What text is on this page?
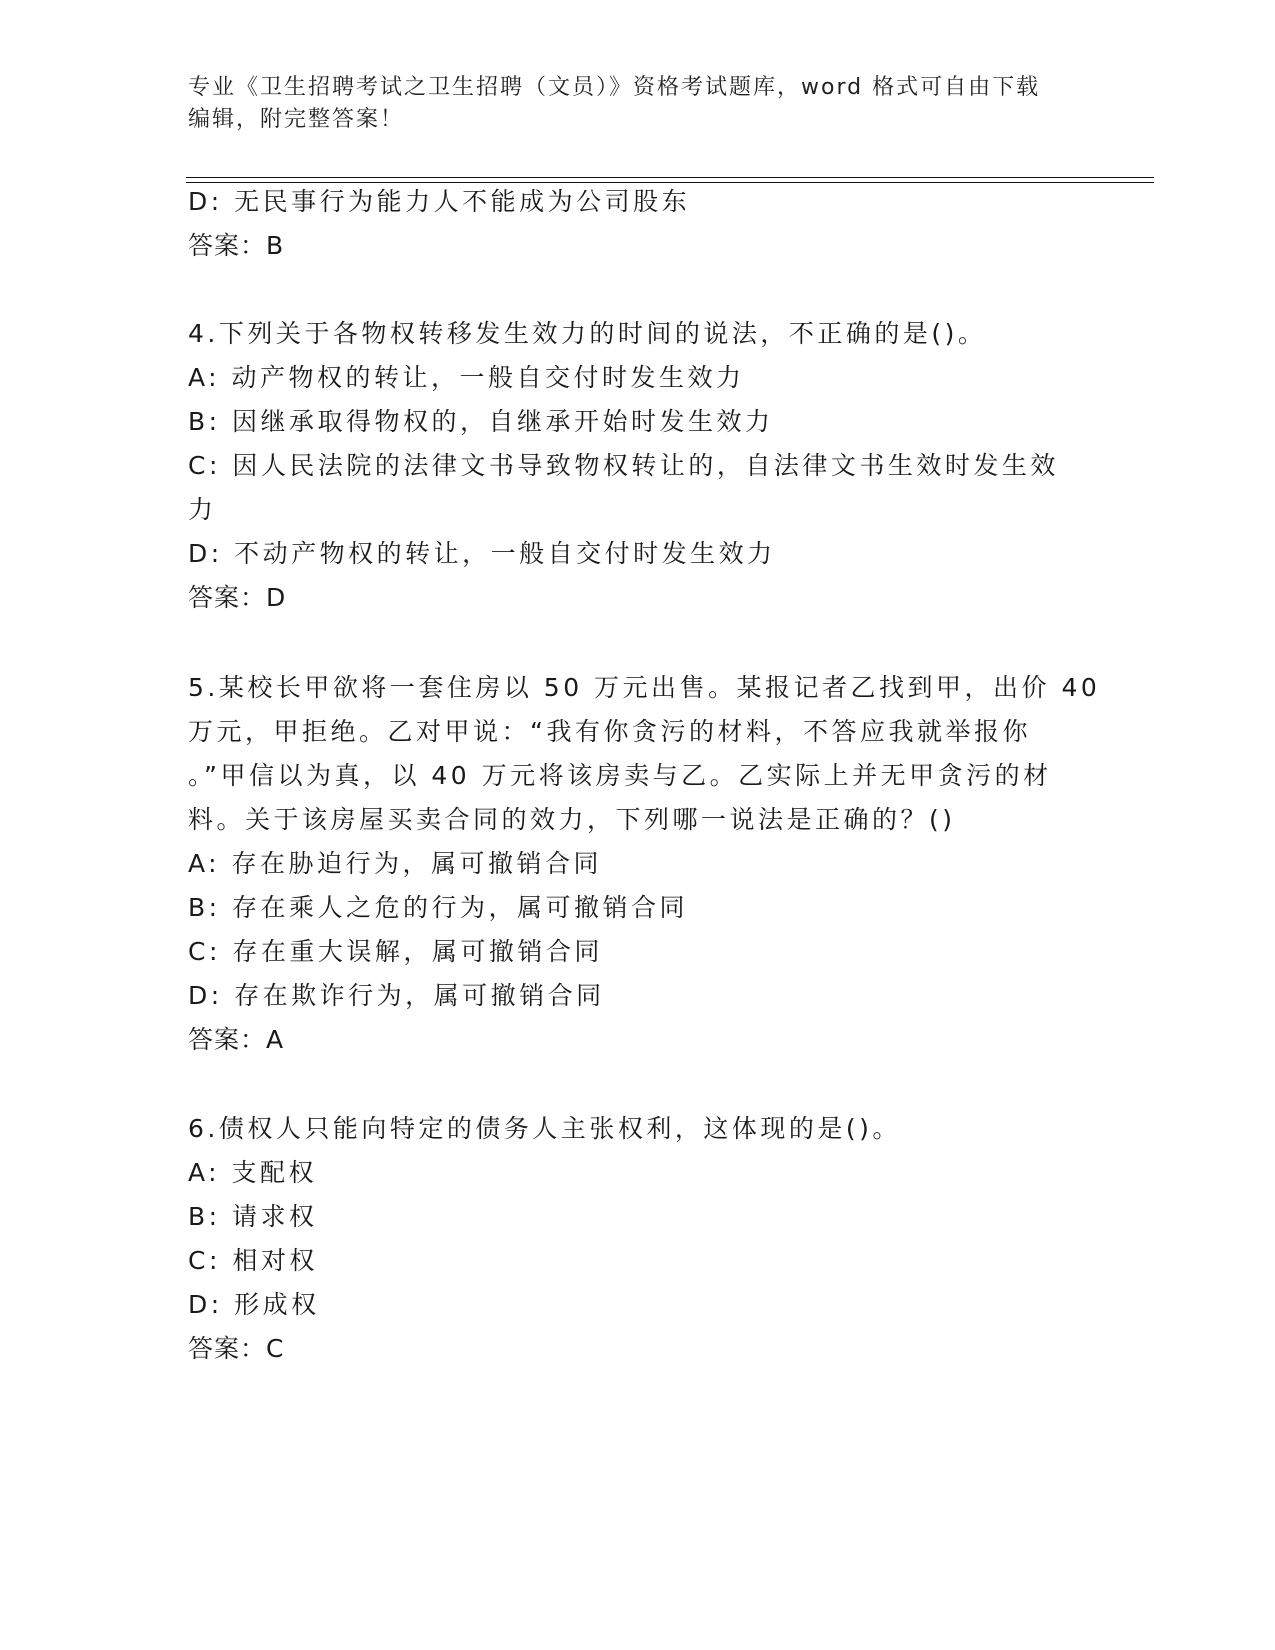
专业《卫生招聘考试之卫生招聘（文员）》资格考试题库，word 格式可自由下载
编辑，附完整答案！
D: 无民事行为能力人不能成为公司股东
答案：B
4.下列关于各物权转移发生效力的时间的说法，不正确的是()。
A: 动产物权的转让，一般自交付时发生效力
B: 因继承取得物权的，自继承开始时发生效力
C: 因人民法院的法律文书导致物权转让的，自法律文书生效时发生效
力
D: 不动产物权的转让，一般自交付时发生效力
答案：D
5.某校长甲欲将一套住房以 50 万元出售。某报记者乙找到甲，出价 40
万元，甲拒绝。乙对甲说：“我有你贪污的材料，不答应我就举报你
。”甲信以为真，以 40 万元将该房卖与乙。乙实际上并无甲贪污的材
料。关于该房屋买卖合同的效力，下列哪一说法是正确的？()
A: 存在胁迫行为，属可撤销合同
B: 存在乘人之危的行为，属可撤销合同
C: 存在重大误解，属可撤销合同
D: 存在欺诈行为，属可撤销合同
答案：A
6.债权人只能向特定的债务人主张权利，这体现的是()。
A: 支配权
B: 请求权
C: 相对权
D: 形成权
答案：C
